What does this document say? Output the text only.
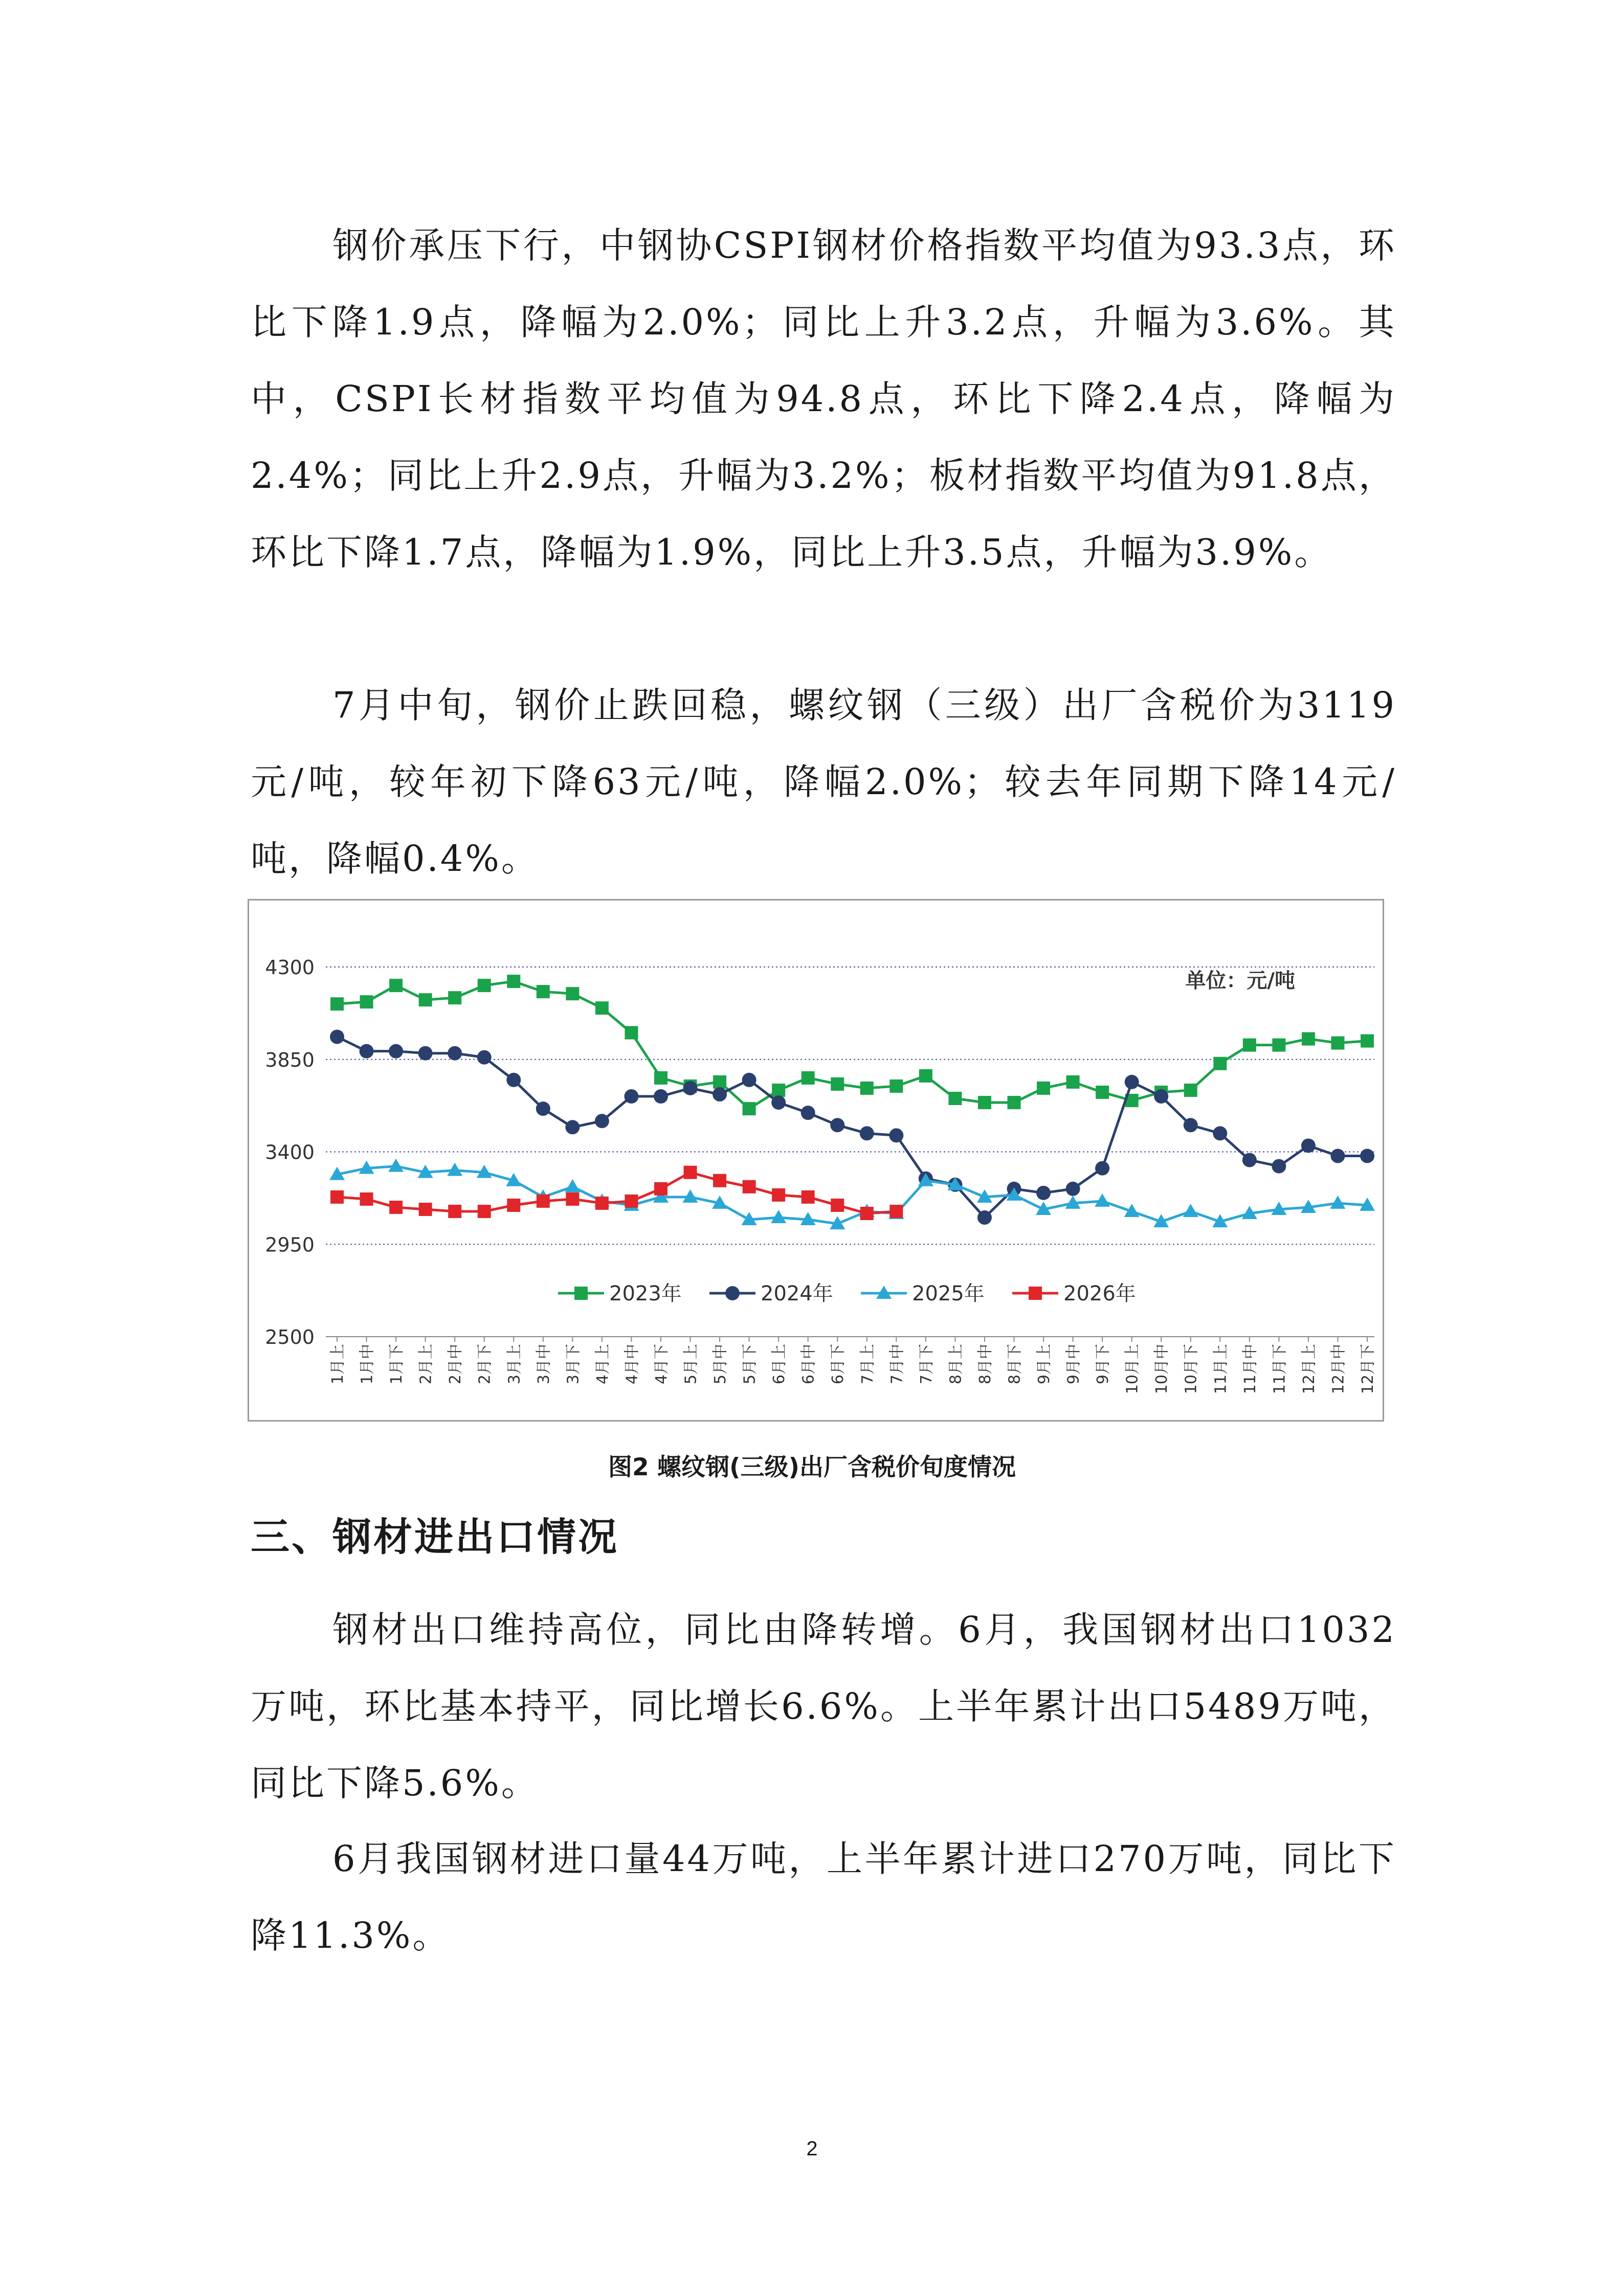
钢价承压下行，中钢协CSPI钢材价格指数平均值为93.3点，环比下降1.9点，降幅为2.0%；同比上升3.2点，升幅为3.6%。其中，CSPI长材指数平均值为94.8点，环比下降2.4点，降幅为2.4%；同比上升2.9点，升幅为3.2%；板材指数平均值为91.8点，环比下降1.7点，降幅为1.9%，同比上升3.5点，升幅为3.9%。

7月中旬，钢价止跌回稳，螺纹钢（三级）出厂含税价为3119元/吨，较年初下降63元/吨，降幅2.0%；较去年同期下降14元/吨，降幅0.4%。

2500
2950
3400
3850
4300
1月上 1月中 1月下 2月上 2月中 2月下 3月上 3月中 3月下 4月上 4月中 4月下 5月上 5月中 5月下 6月上 6月中 6月下 7月上 7月中 7月下 8月上 8月中 8月下 9月上 9月中 9月下 10月上 10月中 10月下 11月上 11月中 11月下 12月上 12月中 12月下
单位：元/吨
2023年	2024年	2025年	2026年
图2 螺纹钢(三级)出厂含税价旬度情况
三、钢材进出口情况

钢材出口维持高位，同比由降转增。6月，我国钢材出口1032万吨，环比基本持平，同比增长6.6%。上半年累计出口5489万吨，同比下降5.6%。

6月我国钢材进口量44万吨，上半年累计进口270万吨，同比下降11.3%。

2
